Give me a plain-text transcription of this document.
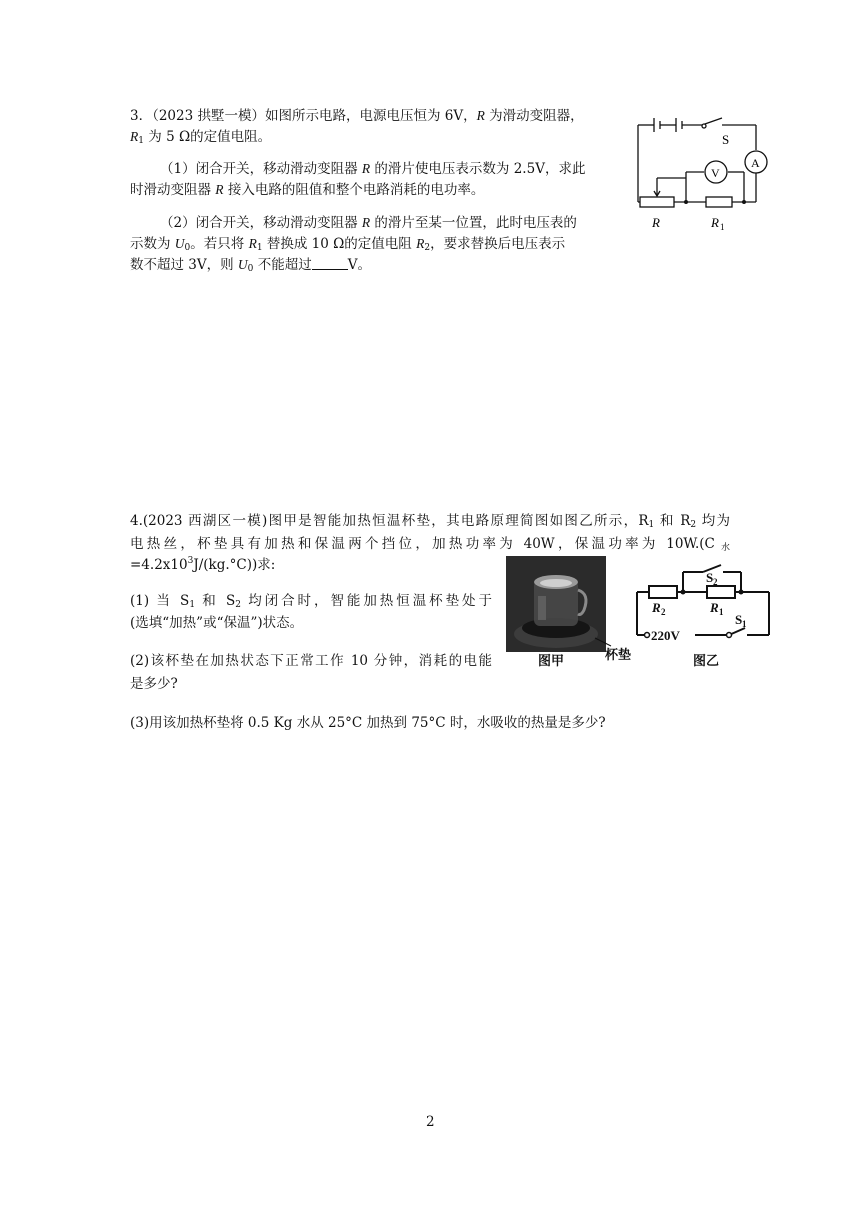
3．（2023 拱墅一模）如图所示电路，电源电压恒为 6V，R 为滑动变阻器，
$R_1$ 为 5 Ω的定值电阻。
（1）闭合开关，移动滑动变阻器 R 的滑片使电压表示数为 2.5V，求此
时滑动变阻器 R 接入电路的阻值和整个电路消耗的电功率。
（2）闭合开关，移动滑动变阻器 R 的滑片至某一位置，此时电压表的
示数为 $U_0$。若只将 $R_1$ 替换成 10 Ω的定值电阻 $R_2$，要求替换后电压表示
数不超过 3V，则 $U_0$ 不能超过	V。
S
A
V
R	R 1
4.(2023 西湖区一模)图甲是智能加热恒温杯垫，其电路原理简图如图乙所示，$R_1$ 和 $R_2$ 均为
电热丝，杯垫具有加热和保温两个挡位，加热功率为 40W，保温功率为 10W.(C $_水$
$=4.2x10^3J/(kg.^\circ C)$)求:
(1) 当 $S_1$ 和 $S_2$ 均闭合时，智能加热恒温杯垫处于
(选填“加热”或“保温”)状态。
(2)该杯垫在加热状态下正常工作 10 分钟，消耗的电能
是多少?
(3)用该加热杯垫将 0.5 Kg 水从 25°C 加热到 75°C 时，水吸收的热量是多少?
S 2
R 2	R 1
220V
S 1
图甲	杯垫	图乙
2
